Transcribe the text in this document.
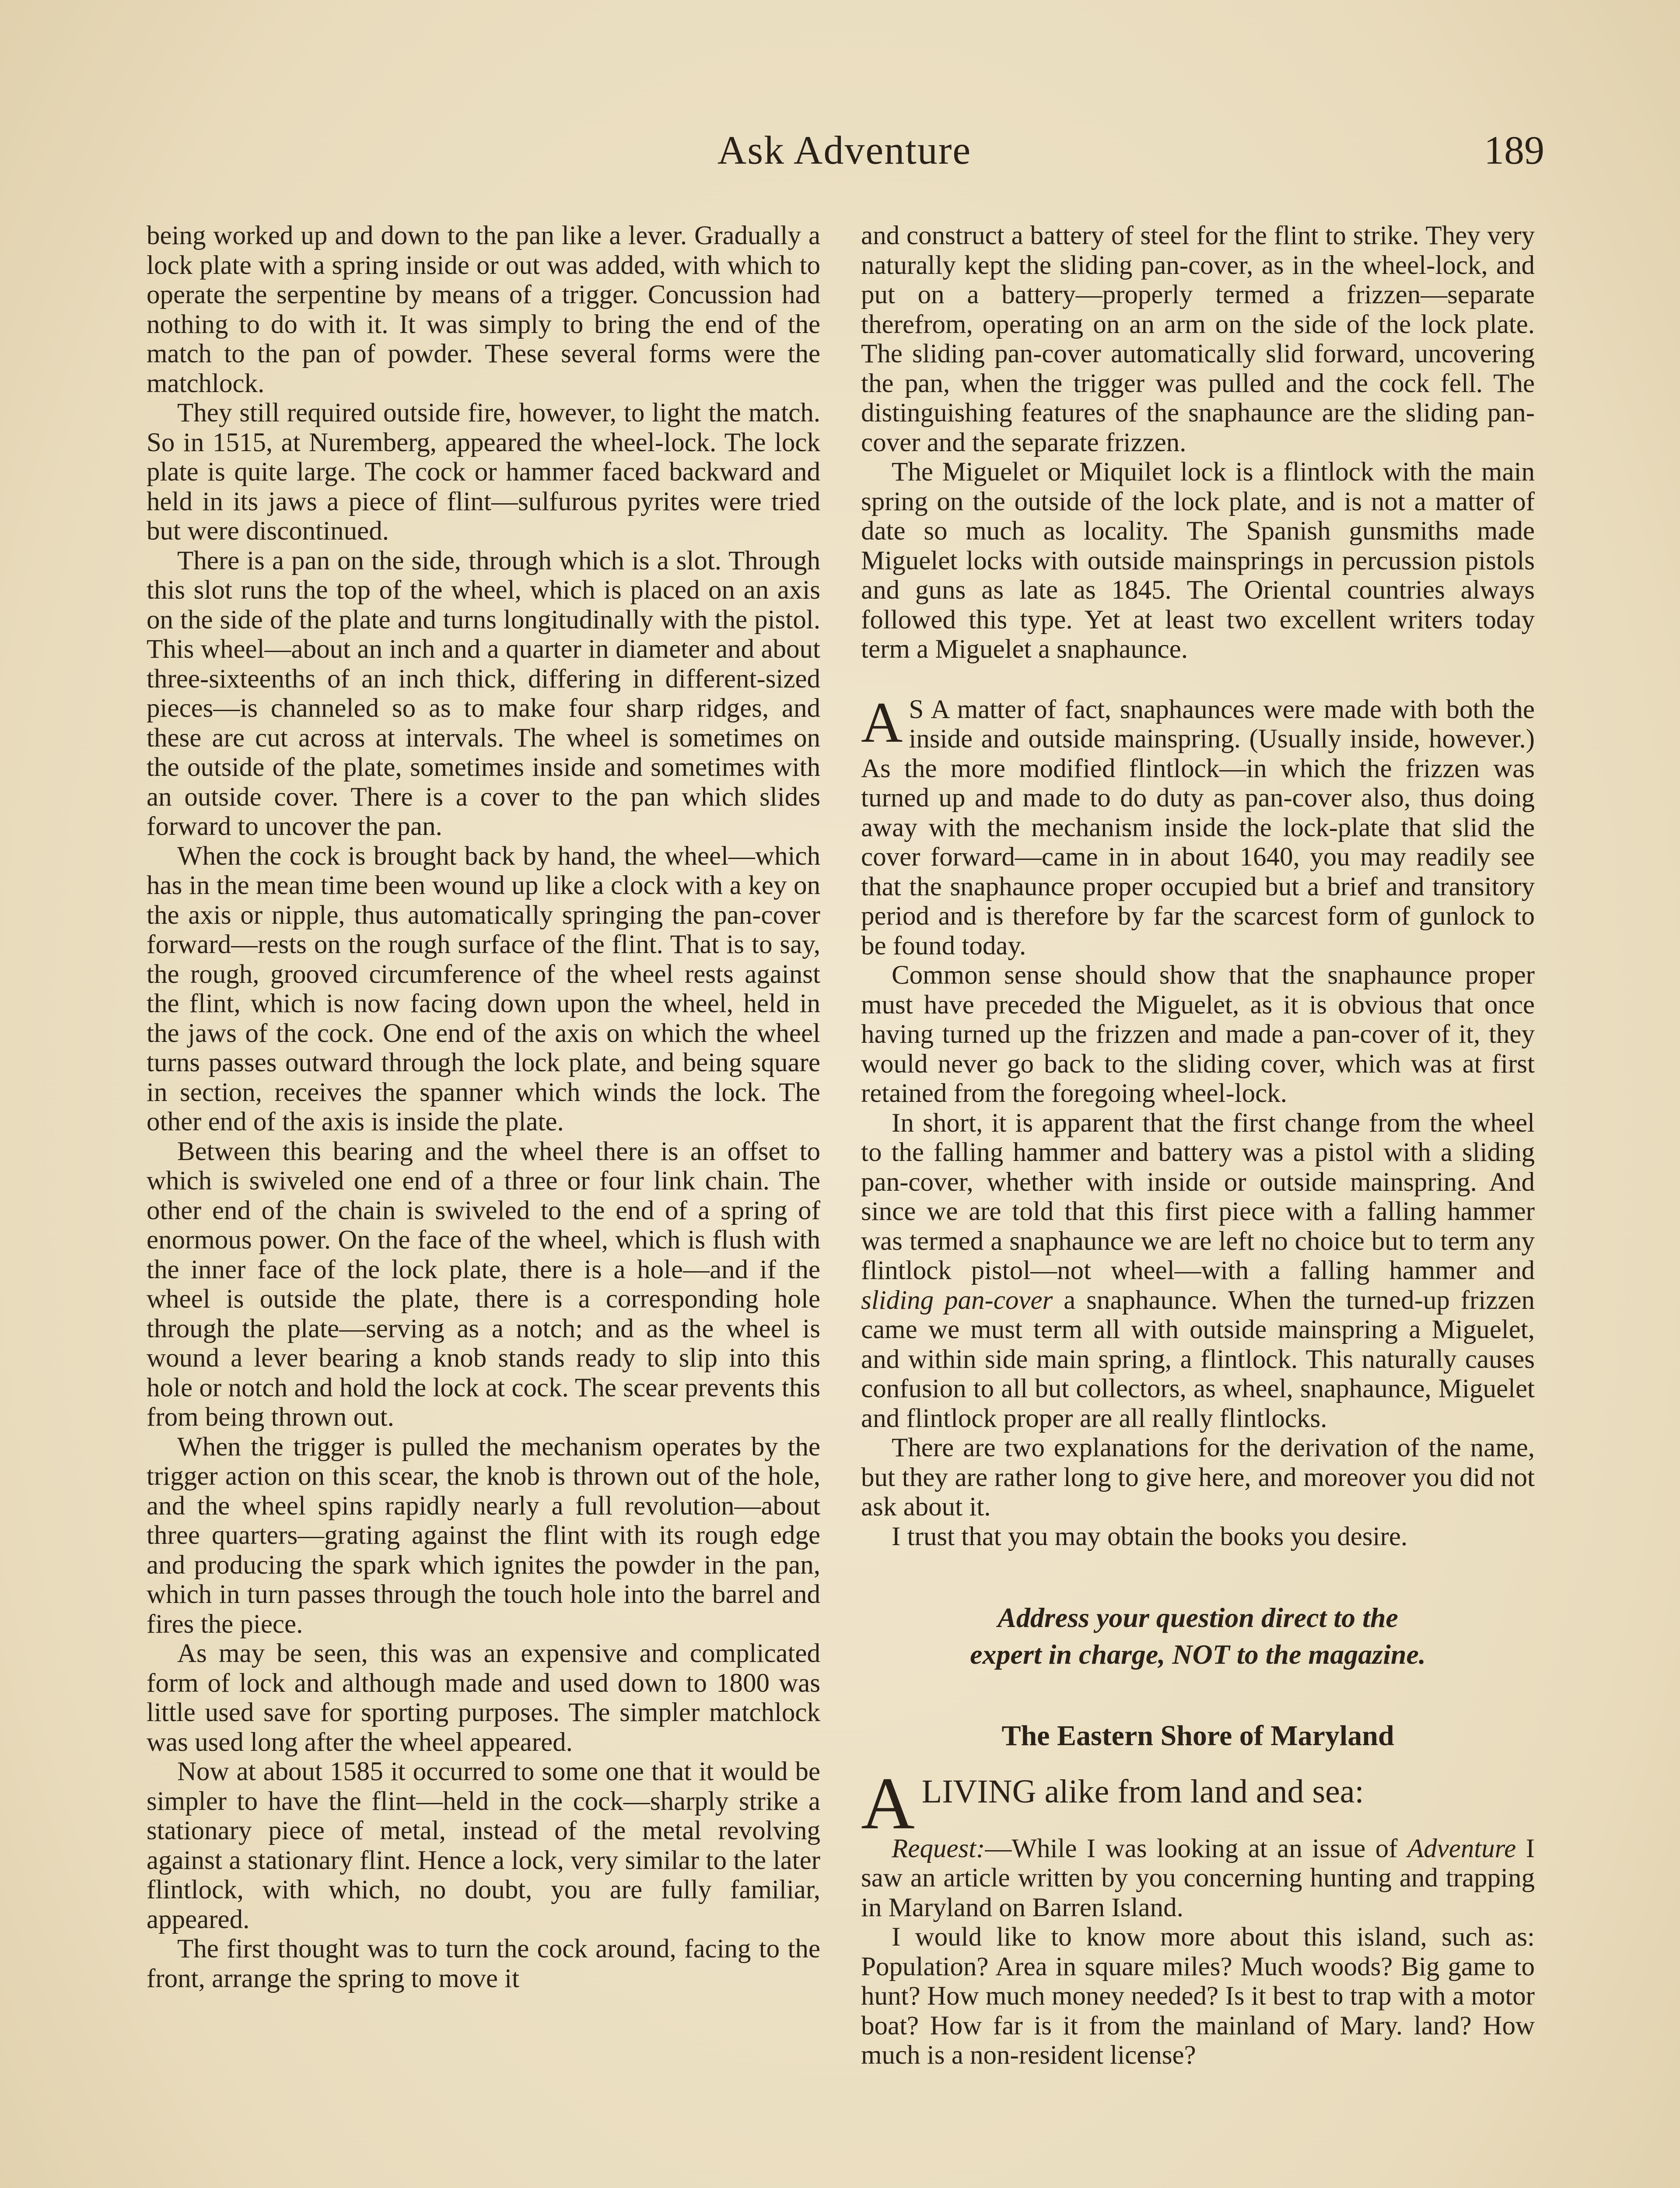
Ask Adventure	189

being worked up and down to the pan like a lever. Gradually a lock plate with a spring inside or out was added, with which to operate the serpentine by means of a trigger. Concussion had nothing to do with it. It was simply to bring the end of the match to the pan of powder. These several forms were the matchlock.

They still required outside fire, however, to light the match. So in 1515, at Nuremberg, appeared the wheel-lock. The lock plate is quite large. The cock or hammer faced backward and held in its jaws a piece of flint—sulfurous pyrites were tried but were discontinued.

There is a pan on the side, through which is a slot. Through this slot runs the top of the wheel, which is placed on an axis on the side of the plate and turns longitudinally with the pistol. This wheel—about an inch and a quarter in diameter and about three-sixteenths of an inch thick, differing in different-sized pieces—is channeled so as to make four sharp ridges, and these are cut across at intervals. The wheel is sometimes on the outside of the plate, sometimes inside and sometimes with an outside cover. There is a cover to the pan which slides forward to uncover the pan.

When the cock is brought back by hand, the wheel—which has in the mean time been wound up like a clock with a key on the axis or nipple, thus automatically springing the pan-cover forward—rests on the rough surface of the flint. That is to say, the rough, grooved circumference of the wheel rests against the flint, which is now facing down upon the wheel, held in the jaws of the cock. One end of the axis on which the wheel turns passes outward through the lock plate, and being square in section, receives the spanner which winds the lock. The other end of the axis is inside the plate.

Between this bearing and the wheel there is an offset to which is swiveled one end of a three or four link chain. The other end of the chain is swiveled to the end of a spring of enormous power. On the face of the wheel, which is flush with the inner face of the lock plate, there is a hole—and if the wheel is outside the plate, there is a corresponding hole through the plate—serving as a notch; and as the wheel is wound a lever bearing a knob stands ready to slip into this hole or notch and hold the lock at cock. The scear prevents this from being thrown out.

When the trigger is pulled the mechanism operates by the trigger action on this scear, the knob is thrown out of the hole, and the wheel spins rapidly nearly a full revolution—about three quarters—grating against the flint with its rough edge and producing the spark which ignites the powder in the pan, which in turn passes through the touch hole into the barrel and fires the piece.

As may be seen, this was an expensive and complicated form of lock and although made and used down to 1800 was little used save for sporting purposes. The simpler matchlock was used long after the wheel appeared.

Now at about 1585 it occurred to some one that it would be simpler to have the flint—held in the cock—sharply strike a stationary piece of metal, instead of the metal revolving against a stationary flint. Hence a lock, very similar to the later flintlock, with which, no doubt, you are fully familiar, appeared.

The first thought was to turn the cock around, facing to the front, arrange the spring to move it

and construct a battery of steel for the flint to strike. They very naturally kept the sliding pan-cover, as in the wheel-lock, and put on a battery—properly termed a frizzen—separate therefrom, operating on an arm on the side of the lock plate. The sliding pan-cover automatically slid forward, uncovering the pan, when the trigger was pulled and the cock fell. The distinguishing features of the snaphaunce are the sliding pan-cover and the separate frizzen.

The Miguelet or Miquilet lock is a flintlock with the main spring on the outside of the lock plate, and is not a matter of date so much as locality. The Spanish gunsmiths made Miguelet locks with outside mainsprings in percussion pistols and guns as late as 1845. The Oriental countries always followed this type. Yet at least two excellent writers today term a Miguelet a snaphaunce.

A S A matter of fact, snaphaunces were made with both the inside and outside mainspring. (Usually inside, however.) As the more modified flintlock—in which the frizzen was turned up and made to do duty as pan-cover also, thus doing away with the mechanism inside the lock-plate that slid the cover forward—came in in about 1640, you may readily see that the snaphaunce proper occupied but a brief and transitory period and is therefore by far the scarcest form of gunlock to be found today.

Common sense should show that the snaphaunce proper must have preceded the Miguelet, as it is obvious that once having turned up the frizzen and made a pan-cover of it, they would never go back to the sliding cover, which was at first retained from the foregoing wheel-lock.

In short, it is apparent that the first change from the wheel to the falling hammer and battery was a pistol with a sliding pan-cover, whether with inside or outside mainspring. And since we are told that this first piece with a falling hammer was termed a snaphaunce we are left no choice but to term any flintlock pistol—not wheel—with a falling hammer and sliding pan-cover a snaphaunce. When the turned-up frizzen came we must term all with outside mainspring a Miguelet, and within side main spring, a flintlock. This naturally causes confusion to all but collectors, as wheel, snaphaunce, Miguelet and flintlock proper are all really flintlocks.

There are two explanations for the derivation of the name, but they are rather long to give here, and moreover you did not ask about it.

I trust that you may obtain the books you desire.

Address your question direct to the
expert in charge, NOT to the magazine.
The Eastern Shore of Maryland
A LIVING alike from land and sea:

Request:—While I was looking at an issue of Adventure I saw an article written by you concerning hunting and trapping in Maryland on Barren Island.

I would like to know more about this island, such as: Population? Area in square miles? Much woods? Big game to hunt? How much money needed? Is it best to trap with a motor boat? How far is it from the mainland of Mary. land? How much is a non-resident license?
